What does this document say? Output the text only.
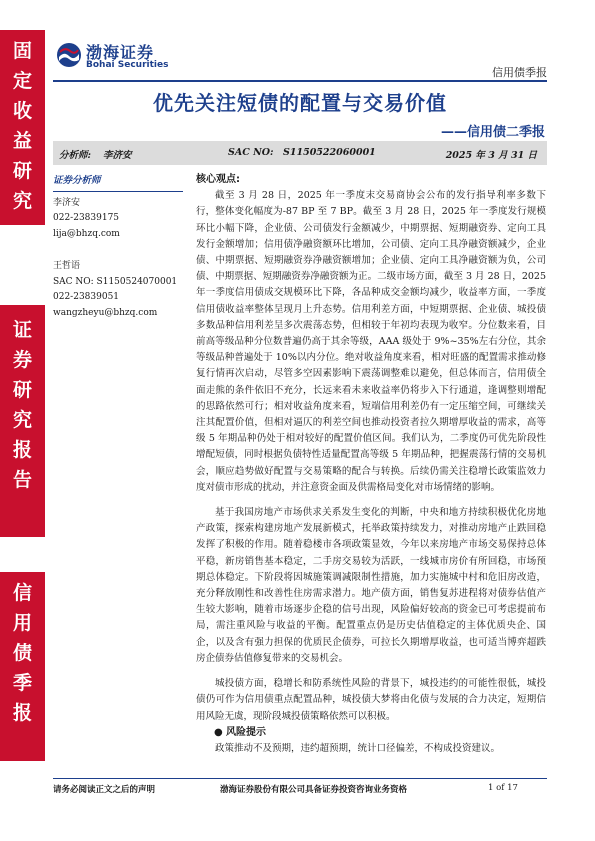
固
定
收
益
研
究
证
券
研
究
报
告
信
用
债
季
报
渤海证券
Bohai Securities
信用债季报
优先关注短债的配置与交易价值
——信用债二季报
分析师: 李济安	SAC NO: S1150522060001	2025 年 3 月 31 日
证券分析师
李济安
022-23839175
lija@bhzq.com
王哲语
SAC NO: S1150524070001
022-23839051
wangzheyu@bhzq.com
核心观点:

截至 3 月 28 日，2025 年一季度末交易商协会公布的发行指导利率多数下行，整体变化幅度为-87 BP 至 7 BP。截至 3 月 28 日，2025 年一季度发行规模环比小幅下降，企业债、公司债发行金额减少，中期票据、短期融资券、定向工具发行金额增加；信用债净融资额环比增加，公司债、定向工具净融资额减少，企业债、中期票据、短期融资券净融资额增加；企业债、定向工具净融资额为负，公司债、中期票据、短期融资券净融资额为正。二级市场方面，截至 3 月 28 日，2025 年一季度信用债成交规模环比下降，各品种成交金额均减少，收益率方面，一季度信用债收益率整体呈现月上升态势。信用利差方面，中短期票据、企业债、城投债多数品种信用利差呈多次震荡态势，但相较于年初均表现为收窄。分位数来看，目前高等级品种分位数普遍仍高于其余等级，AAA 级处于 9%~35%左右分位，其余等级品种普遍处于 10%以内分位。绝对收益角度来看，相对旺盛的配置需求推动修复行情再次启动，尽管多空因素影响下震荡调整难以避免，但总体而言，信用债全面走熊的条件依旧不充分，长远来看未来收益率仍将步入下行通道，逢调整则增配的思路依然可行；相对收益角度来看，短端信用利差仍有一定压缩空间，可继续关注其配置价值，但相对逼仄的利差空间也推动投资者拉久期增厚收益的需求，高等级 5 年期品种仍处于相对较好的配置价值区间。我们认为，二季度仍可优先阶段性增配短债，同时根据负债特性适量配置高等级 5 年期品种，把握震荡行情的交易机会，顺应趋势做好配置与交易策略的配合与转换。后续仍需关注稳增长政策监效力度对债市形成的扰动，并注意资金面及供需格局变化对市场情绪的影响。

基于我国房地产市场供求关系发生变化的判断，中央和地方持续积极优化房地产政策，探索构建房地产发展新模式，托举政策持续发力，对推动房地产止跌回稳发挥了积极的作用。随着稳楼市各项政策显效，今年以来房地产市场交易保持总体平稳，新房销售基本稳定，二手房交易较为活跃，一线城市房价有所回稳，市场预期总体稳定。下阶段将因城施策调减限制性措施，加力实施城中村和危旧房改造，充分释放刚性和改善性住房需求潜力。地产债方面，销售复苏进程将对债券估值产生较大影响，随着市场逐步企稳的信号出现，风险偏好较高的资金已可考虑提前布局，需注重风险与收益的平衡。配置重点仍是历史估值稳定的主体优质央企、国企，以及含有强力担保的优质民企债券，可拉长久期增厚收益，也可适当博弈超跌房企债券估值修复带来的交易机会。

城投债方面，稳增长和防系统性风险的背景下，城投违约的可能性很低，城投债仍可作为信用债重点配置品种，城投债大梦将由化债与发展的合力决定，短期信用风险无虞，现阶段城投债策略依然可以积极。

● 风险提示

政策推动不及预期，违约超预期，统计口径偏差，不构成投资建议。

请务必阅读正文之后的声明	渤海证券股份有限公司具备证券投资咨询业务资格	1 of 17
